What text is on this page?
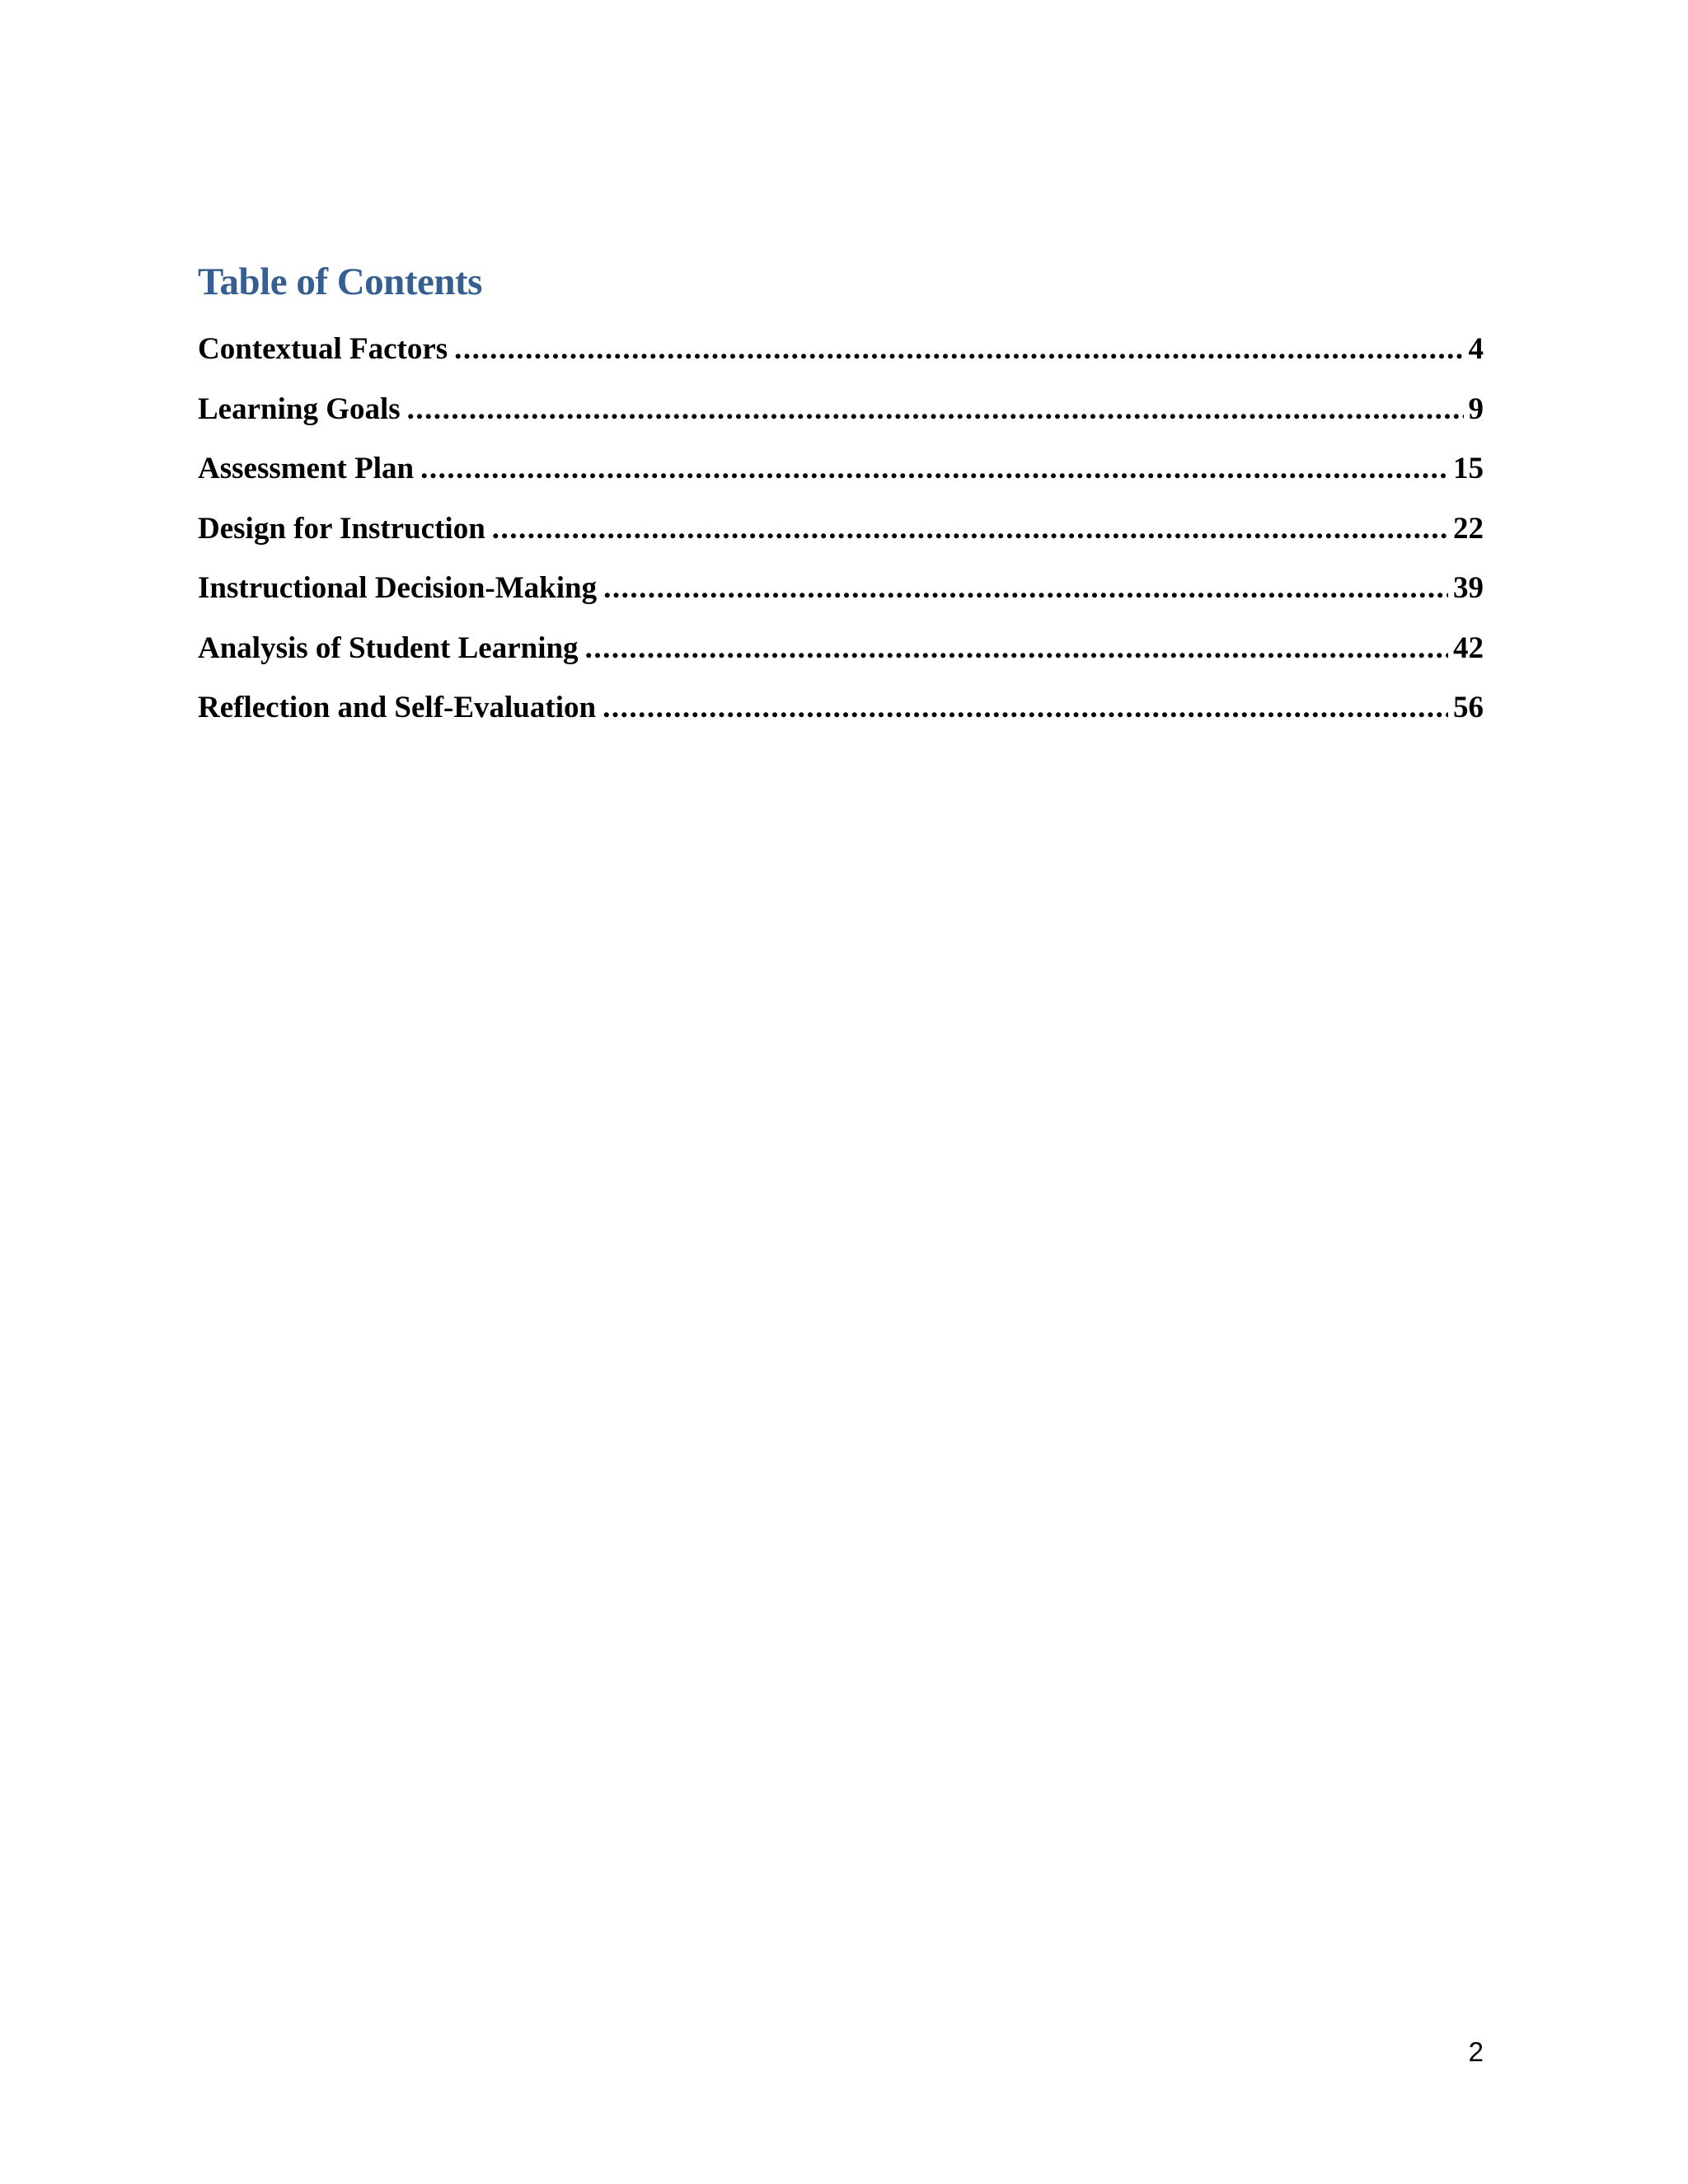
Table of Contents
Contextual Factors .....	4
Learning Goals .....	9
Assessment Plan .....	15
Design for Instruction .....	22
Instructional Decision-Making .....	39
Analysis of Student Learning .....	42
Reflection and Self-Evaluation .....	56
2
